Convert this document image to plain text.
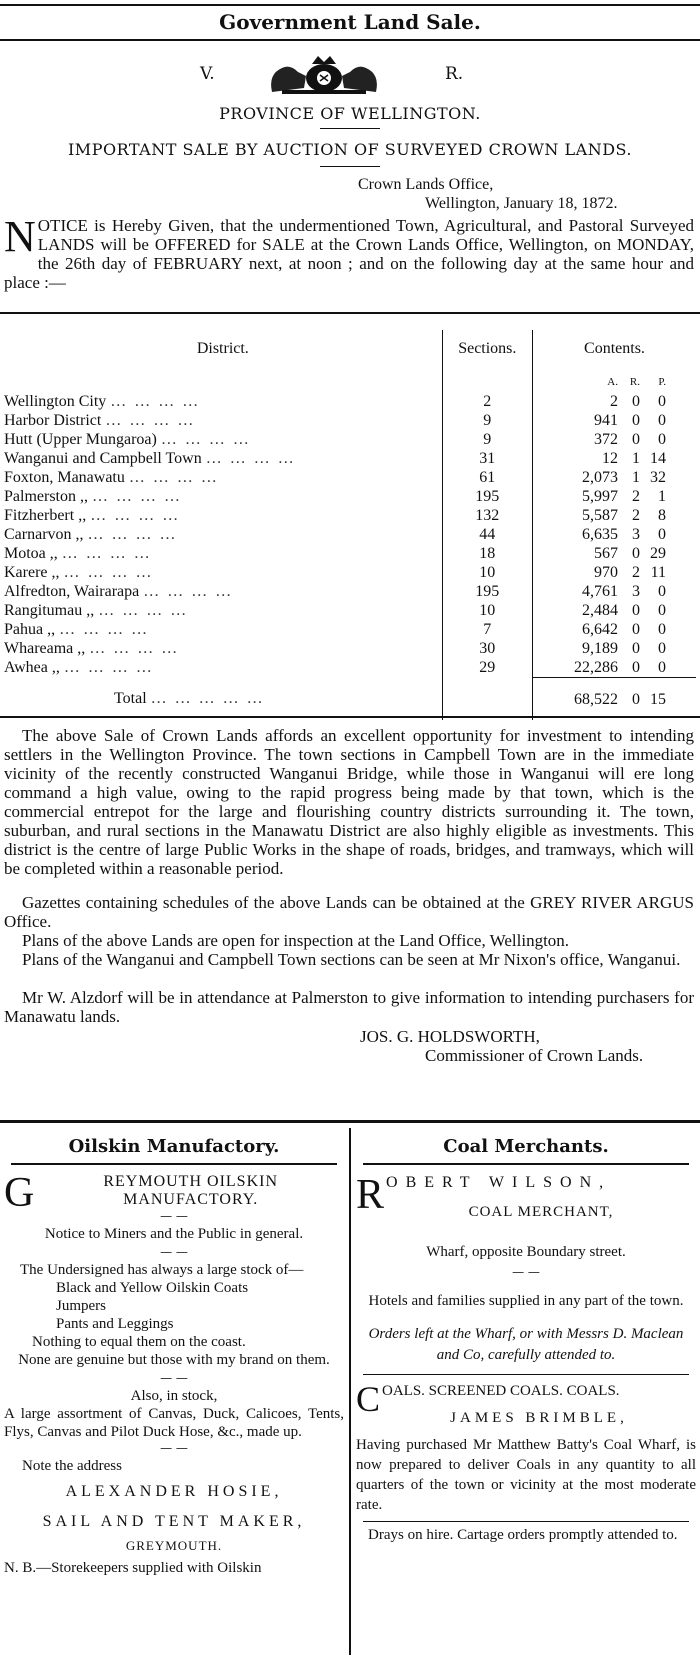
Government Land Sale.
V.	R.
PROVINCE OF WELLINGTON.
IMPORTANT SALE BY AUCTION OF SURVEYED CROWN LANDS.
Crown Lands Office,
Wellington, January 18, 1872.
NOTICE is Hereby Given, that the undermentioned Town, Agricultural, and Pastoral Surveyed LANDS will be OFFERED for SALE at the Crown Lands Office, Wellington, on MONDAY, the 26th day of FEBRUARY next, at noon ; and on the following day at the same hour and place :—
District.	Sections.	Contents.

		A. R. P.

Wellington City … … … …	2	2 0 0

Harbor District … … … …	9	941 0 0

Hutt (Upper Mungaroa) … … … …	9	372 0 0

Wanganui and Campbell Town … … … …	31	12 1 14

Foxton, Manawatu … … … …	61	2,073 1 32

Palmerston ,, … … … …	195	5,997 2 1

Fitzherbert ,, … … … …	132	5,587 2 8

Carnarvon ,, … … … …	44	6,635 3 0

Motoa ,, … … … …	18	567 0 29

Karere ,, … … … …	10	970 2 11

Alfredton, Wairarapa … … … …	195	4,761 3 0

Rangitumau ,, … … … …	10	2,484 0 0

Pahua ,, … … … …	7	6,642 0 0

Whareama ,, … … … …	30	9,189 0 0

Awhea ,, … … … …	29	22,286 0 0

Total … … … … …		68,522 0 15
The above Sale of Crown Lands affords an excellent opportunity for investment to intending settlers in the Wellington Province. The town sections in Campbell Town are in the immediate vicinity of the recently constructed Wanganui Bridge, while those in Wanganui will ere long command a high value, owing to the rapid progress being made by that town, which is the commercial entrepot for the large and flourishing country districts surrounding it. The town, suburban, and rural sections in the Manawatu District are also highly eligible as investments. This district is the centre of large Public Works in the shape of roads, bridges, and tramways, which will be completed within a reasonable period.
Gazettes containing schedules of the above Lands can be obtained at the GREY RIVER ARGUS Office.
Plans of the above Lands are open for inspection at the Land Office, Wellington.
Plans of the Wanganui and Campbell Town sections can be seen at Mr Nixon's office, Wanganui.
Mr W. Alzdorf will be in attendance at Palmerston to give information to intending purchasers for Manawatu lands.
JOS. G. HOLDSWORTH,
Commissioner of Crown Lands.
Oilskin Manufactory.
G	REYMOUTH OILSKIN MANUFACTORY.
— —
Notice to Miners and the Public in general.
— —
The Undersigned has always a large stock of—
Black and Yellow Oilskin Coats
Jumpers
Pants and Leggings
Nothing to equal them on the coast.
None are genuine but those with my brand on them.
— —
Also, in stock,
A large assortment of Canvas, Duck, Calicoes, Tents, Flys, Canvas and Pilot Duck Hose, &c., made up.
— —
Note the address
ALEXANDER HOSIE,
SAIL AND TENT MAKER,
GREYMOUTH.
N. B.—Storekeepers supplied with Oilskin
Coal Merchants.
ROBERT WILSON,
COAL MERCHANT,
Wharf, opposite Boundary street.
— —
Hotels and families supplied in any part of the town.
Orders left at the Wharf, or with Messrs D. Maclean and Co, carefully attended to.
COALS. SCREENED COALS. COALS.
JAMES BRIMBLE,
Having purchased Mr Matthew Batty's Coal Wharf, is now prepared to deliver Coals in any quantity to all quarters of the town or vicinity at the most moderate rate.
Drays on hire. Cartage orders promptly attended to.
